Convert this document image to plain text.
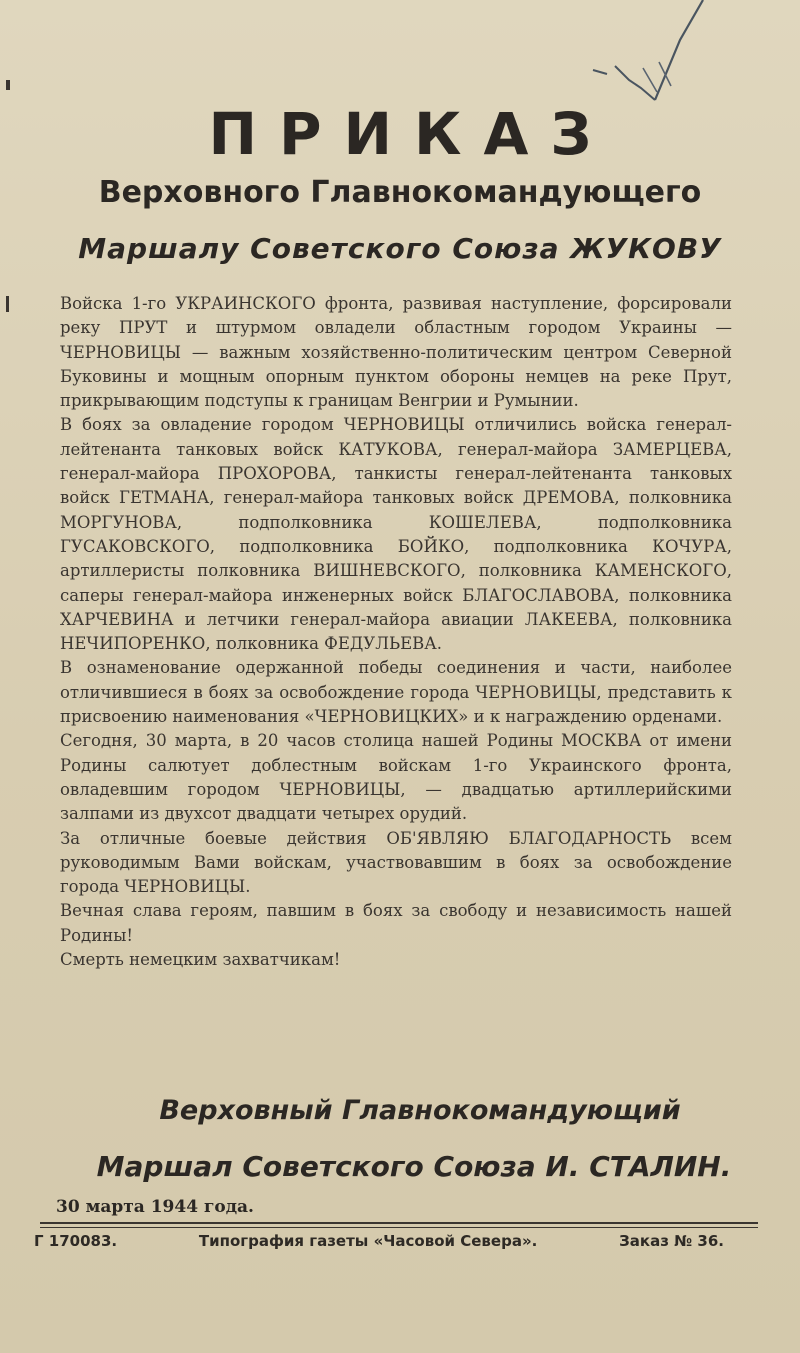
ПРИКАЗ
Верховного Главнокомандующего
Маршалу Советского Союза ЖУКОВУ

Войска 1-го УКРАИНСКОГО фронта, развивая наступление, форсировали реку ПРУТ и штурмом овладели областным городом Украины — ЧЕРНОВИЦЫ — важным хозяйственно-политическим центром Северной Буковины и мощным опорным пунктом обороны немцев на реке Прут, прикрывающим подступы к границам Венгрии и Румынии.

В боях за овладение городом ЧЕРНОВИЦЫ отличились войска генерал-лейтенанта танковых войск КАТУКОВА, генерал-майора ЗАМЕРЦЕВА, генерал-майора ПРОХОРОВА, танкисты генерал-лейтенанта танковых войск ГЕТМАНА, генерал-майора танковых войск ДРЕМОВА, полковника МОРГУНОВА, подполковника КОШЕЛЕВА, подполковника ГУСАКОВСКОГО, подполковника БОЙКО, подполковника КОЧУРА, артиллеристы полковника ВИШНЕВСКОГО, полковника КАМЕНСКОГО, саперы генерал-майора инженерных войск БЛАГОСЛАВОВА, полковника ХАРЧЕВИНА и летчики генерал-майора авиации ЛАКЕЕВА, полковника НЕЧИПОРЕНКО, полковника ФЕДУЛЬЕВА.

В ознаменование одержанной победы соединения и части, наиболее отличившиеся в боях за освобождение города ЧЕРНОВИЦЫ, представить к присвоению наименования «ЧЕРНОВИЦКИХ» и к награждению орденами.

Сегодня, 30 марта, в 20 часов столица нашей Родины МОСКВА от имени Родины салютует доблестным войскам 1-го Украинского фронта, овладевшим городом ЧЕРНОВИЦЫ, — двадцатью артиллерийскими залпами из двухсот двадцати четырех орудий.

За отличные боевые действия ОБ'ЯВЛЯЮ БЛАГОДАРНОСТЬ всем руководимым Вами войскам, участвовавшим в боях за освобождение города ЧЕРНОВИЦЫ.

Вечная слава героям, павшим в боях за свободу и независимость нашей Родины!

Смерть немецким захватчикам!

Верховный Главнокомандующий
Маршал Советского Союза И. СТАЛИН.
30 марта 1944 года.
Г 170083.	Типография газеты «Часовой Севера».	Заказ № 36.
